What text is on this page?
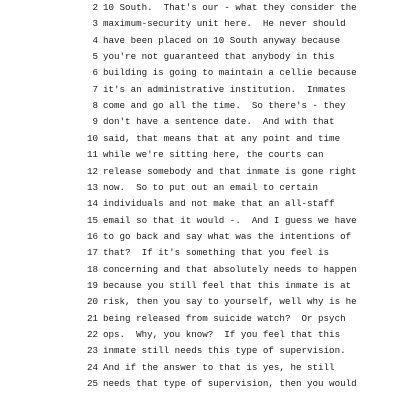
2 10 South.  That's our - what they consider the
3 maximum-security unit here.  He never should
4 have been placed on 10 South anyway because
5 you're not guaranteed that anybody in this
6 building is going to maintain a cellie because
7 it's an administrative institution.  Inmates
8 come and go all the time.  So there's - they
9 don't have a sentence date.  And with that
10 said, that means that at any point and time
11 while we're sitting here, the courts can
12 release somebody and that inmate is gone right
13 now.  So to put out an email to certain
14 individuals and not make that an all-staff
15 email so that it would -.  And I guess we have
16 to go back and say what was the intentions of
17 that?  If it's something that you feel is
18 concerning and that absolutely needs to happen
19 because you still feel that this inmate is at
20 risk, then you say to yourself, well why is he
21 being released from suicide watch?  Or psych
22 ops.  Why, you know?  If you feel that this
23 inmate still needs this type of supervision.
24 And if the answer to that is yes, he still
25 needs that type of supervision, then you would
